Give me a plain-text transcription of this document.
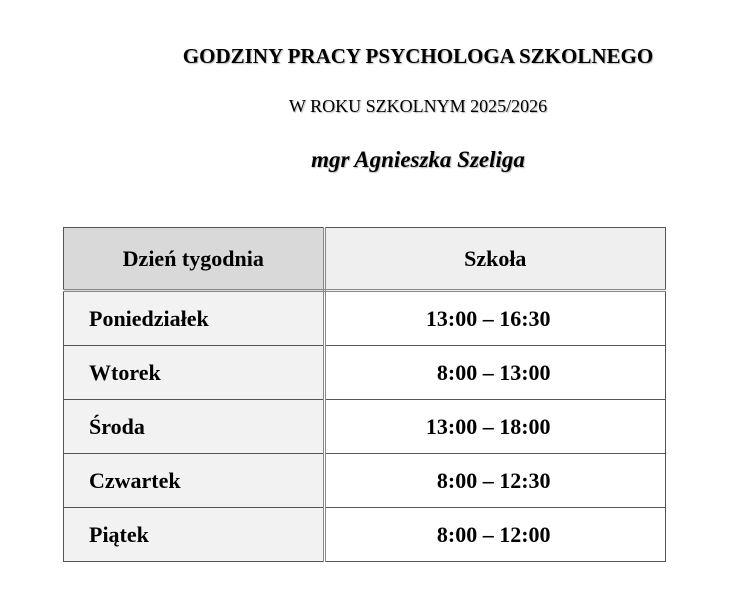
GODZINY PRACY PSYCHOLOGA SZKOLNEGO
W ROKU SZKOLNYM 2025/2026
mgr Agnieszka Szeliga
Dzień tygodnia	Szkoła
Poniedziałek	13:00 – 16:30
Wtorek	8:00 – 13:00
Środa	13:00 – 18:00
Czwartek	8:00 – 12:30
Piątek	8:00 – 12:00
